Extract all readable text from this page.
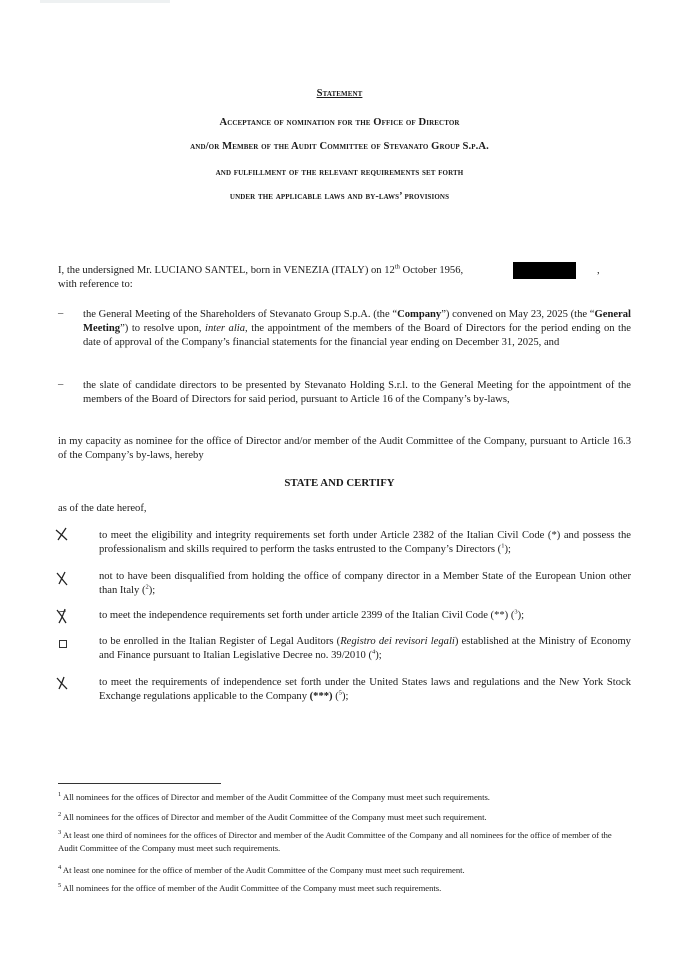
Statement
Acceptance of nomination for the Office of Director
and/or Member of the Audit Committee of Stevanato Group S.p.A.
and fulfillment of the relevant requirements set forth
under the applicable laws and by-laws’ provisions
I, the undersigned Mr. LUCIANO SANTEL, born in VENEZIA (ITALY) on 12th October 1956,	,
with reference to:
– the General Meeting of the Shareholders of Stevanato Group S.p.A. (the “Company”) convened on May 23, 2025 (the “General Meeting”) to resolve upon, inter alia, the appointment of the members of the Board of Directors for the period ending on the date of approval of the Company’s financial statements for the financial year ending on December 31, 2025, and
– the slate of candidate directors to be presented by Stevanato Holding S.r.l. to the General Meeting for the appointment of the members of the Board of Directors for said period, pursuant to Article 16 of the Company’s by-laws,
in my capacity as nominee for the office of Director and/or member of the Audit Committee of the Company, pursuant to Article 16.3 of the Company’s by-laws, hereby
STATE AND CERTIFY
as of the date hereof,
to meet the eligibility and integrity requirements set forth under Article 2382 of the Italian Civil Code (*) and possess the professionalism and skills required to perform the tasks entrusted to the Company’s Directors ($^1$);
not to have been disqualified from holding the office of company director in a Member State of the European Union other than Italy ($^2$);
to meet the independence requirements set forth under article 2399 of the Italian Civil Code (**) ($^3$);
to be enrolled in the Italian Register of Legal Auditors (Registro dei revisori legali) established at the Ministry of Economy and Finance pursuant to Italian Legislative Decree no. 39/2010 ($^4$);
to meet the requirements of independence set forth under the United States laws and regulations and the New York Stock Exchange regulations applicable to the Company (***) ($^5$);
$^1$ All nominees for the offices of Director and member of the Audit Committee of the Company must meet such requirements.
$^2$ All nominees for the offices of Director and member of the Audit Committee of the Company must meet such requirement.
$^3$ At least one third of nominees for the offices of Director and member of the Audit Committee of the Company and all nominees for the office of member of the Audit Committee of the Company must meet such requirements.
$^4$ At least one nominee for the office of member of the Audit Committee of the Company must meet such requirement.
$^5$ All nominees for the office of member of the Audit Committee of the Company must meet such requirements.
